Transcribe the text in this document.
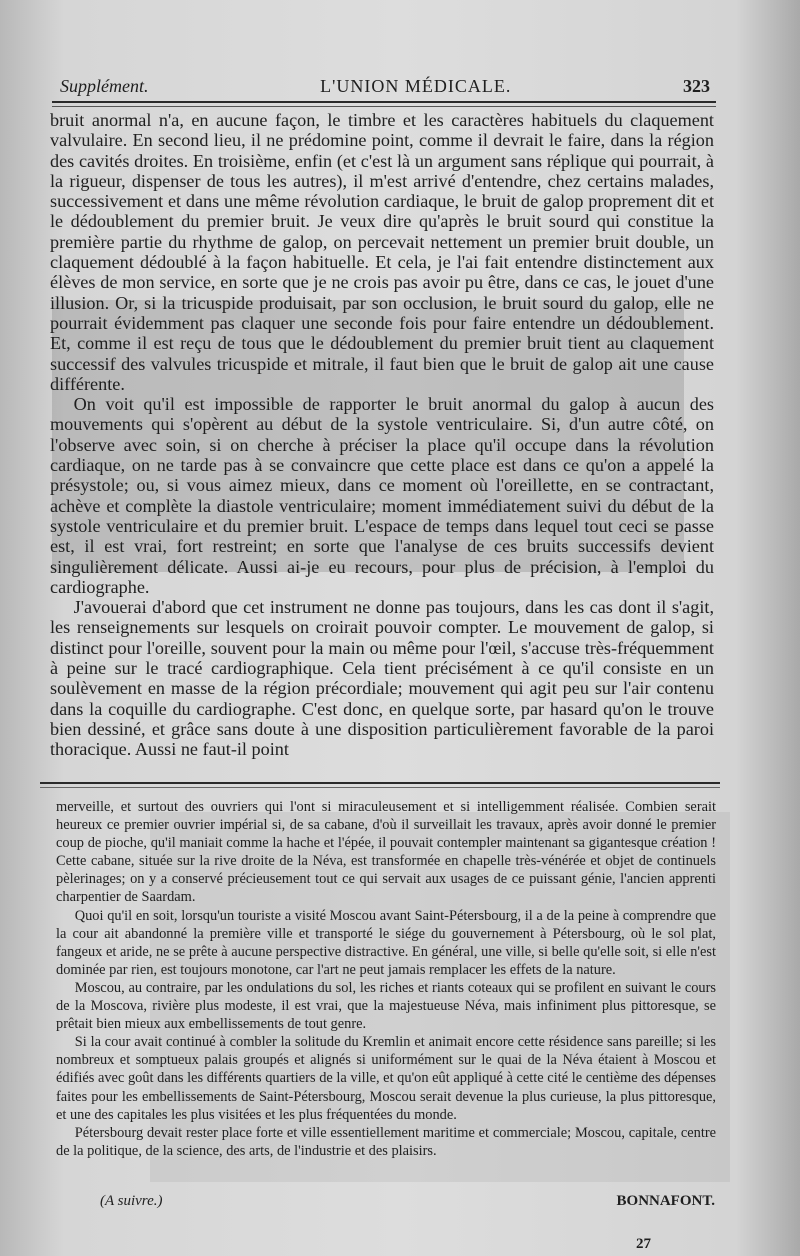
Supplément.	L'UNION MÉDICALE.	323

bruit anormal n'a, en aucune façon, le timbre et les caractères habituels du claquement valvulaire. En second lieu, il ne prédomine point, comme il devrait le faire, dans la région des cavités droites. En troisième, enfin (et c'est là un argument sans réplique qui pourrait, à la rigueur, dispenser de tous les autres), il m'est arrivé d'entendre, chez certains malades, successivement et dans une même révolution cardiaque, le bruit de galop proprement dit et le dédoublement du premier bruit. Je veux dire qu'après le bruit sourd qui constitue la première partie du rhythme de galop, on percevait nettement un premier bruit double, un claquement dédoublé à la façon habituelle. Et cela, je l'ai fait entendre distinctement aux élèves de mon service, en sorte que je ne crois pas avoir pu être, dans ce cas, le jouet d'une illusion. Or, si la tricuspide produisait, par son occlusion, le bruit sourd du galop, elle ne pourrait évidemment pas claquer une seconde fois pour faire entendre un dédoublement. Et, comme il est reçu de tous que le dédoublement du premier bruit tient au claquement successif des valvules tricuspide et mitrale, il faut bien que le bruit de galop ait une cause différente.

On voit qu'il est impossible de rapporter le bruit anormal du galop à aucun des mouvements qui s'opèrent au début de la systole ventriculaire. Si, d'un autre côté, on l'observe avec soin, si on cherche à préciser la place qu'il occupe dans la révolution cardiaque, on ne tarde pas à se convaincre que cette place est dans ce qu'on a appelé la présystole; ou, si vous aimez mieux, dans ce moment où l'oreillette, en se contractant, achève et complète la diastole ventriculaire; moment immédiatement suivi du début de la systole ventriculaire et du premier bruit. L'espace de temps dans lequel tout ceci se passe est, il est vrai, fort restreint; en sorte que l'analyse de ces bruits successifs devient singulièrement délicate. Aussi ai-je eu recours, pour plus de précision, à l'emploi du cardiographe.

J'avouerai d'abord que cet instrument ne donne pas toujours, dans les cas dont il s'agit, les renseignements sur lesquels on croirait pouvoir compter. Le mouvement de galop, si distinct pour l'oreille, souvent pour la main ou même pour l'œil, s'accuse très-fréquemment à peine sur le tracé cardiographique. Cela tient précisément à ce qu'il consiste en un soulèvement en masse de la région précordiale; mouvement qui agit peu sur l'air contenu dans la coquille du cardiographe. C'est donc, en quelque sorte, par hasard qu'on le trouve bien dessiné, et grâce sans doute à une disposition particulièrement favorable de la paroi thoracique. Aussi ne faut-il point

merveille, et surtout des ouvriers qui l'ont si miraculeusement et si intelligemment réalisée. Combien serait heureux ce premier ouvrier impérial si, de sa cabane, d'où il surveillait les travaux, après avoir donné le premier coup de pioche, qu'il maniait comme la hache et l'épée, il pouvait contempler maintenant sa gigantesque création ! Cette cabane, située sur la rive droite de la Néva, est transformée en chapelle très-vénérée et objet de continuels pèlerinages; on y a conservé précieusement tout ce qui servait aux usages de ce puissant génie, l'ancien apprenti charpentier de Saardam.

Quoi qu'il en soit, lorsqu'un touriste a visité Moscou avant Saint-Pétersbourg, il a de la peine à comprendre que la cour ait abandonné la première ville et transporté le siége du gouvernement à Pétersbourg, où le sol plat, fangeux et aride, ne se prête à aucune perspective distractive. En général, une ville, si belle qu'elle soit, si elle n'est dominée par rien, est toujours monotone, car l'art ne peut jamais remplacer les effets de la nature.

Moscou, au contraire, par les ondulations du sol, les riches et riants coteaux qui se profilent en suivant le cours de la Moscova, rivière plus modeste, il est vrai, que la majestueuse Néva, mais infiniment plus pittoresque, se prêtait bien mieux aux embellissements de tout genre.

Si la cour avait continué à combler la solitude du Kremlin et animait encore cette résidence sans pareille; si les nombreux et somptueux palais groupés et alignés si uniformément sur le quai de la Néva étaient à Moscou et édifiés avec goût dans les différents quartiers de la ville, et qu'on eût appliqué à cette cité le centième des dépenses faites pour les embellissements de Saint-Pétersbourg, Moscou serait devenue la plus curieuse, la plus pittoresque, et une des capitales les plus visitées et les plus fréquentées du monde.

Pétersbourg devait rester place forte et ville essentiellement maritime et commerciale; Moscou, capitale, centre de la politique, de la science, des arts, de l'industrie et des plaisirs.

(A suivre.)	BONNAFONT.
27
